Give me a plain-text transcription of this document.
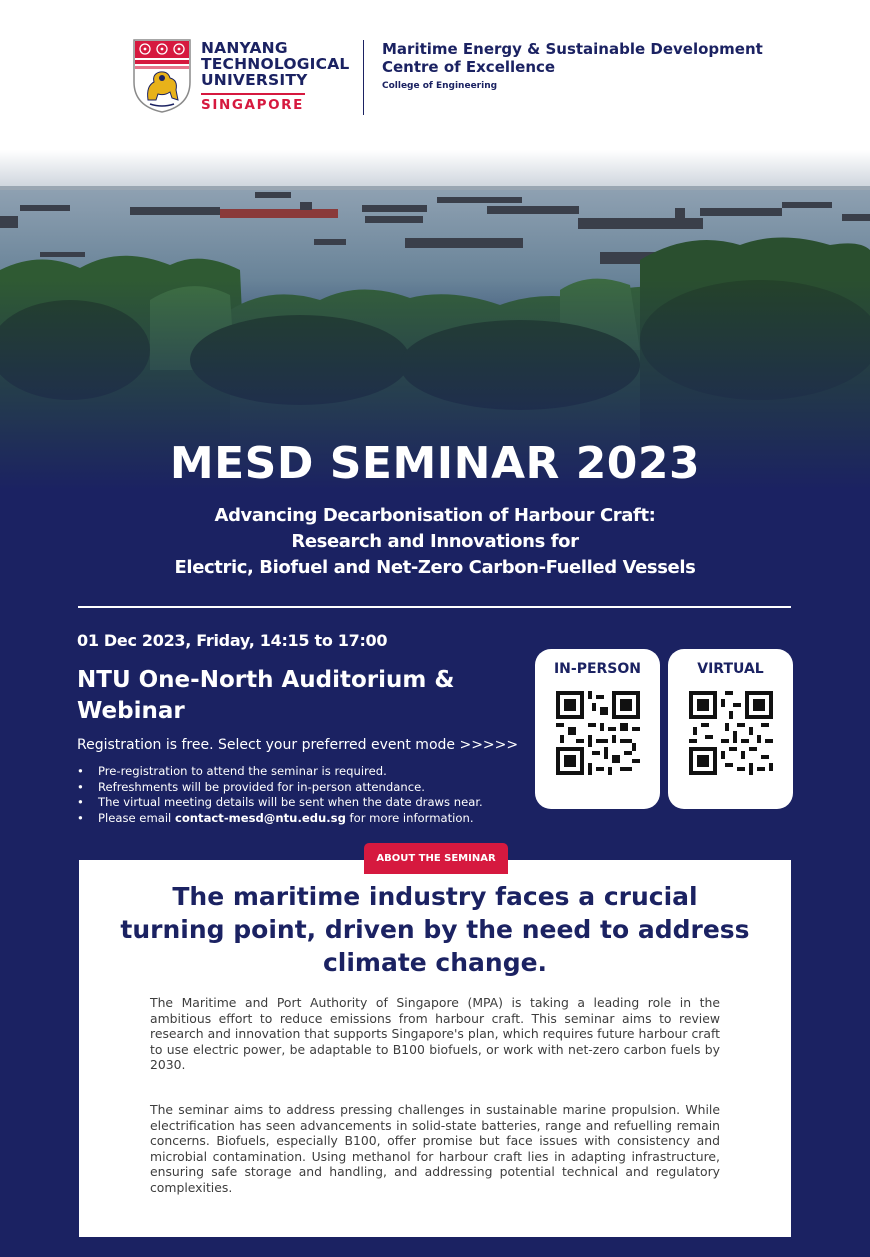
NANYANG
TECHNOLOGICAL
UNIVERSITY
SINGAPORE
Maritime Energy & Sustainable Development
Centre of Excellence
College of Engineering
MESD SEMINAR 2023
Advancing Decarbonisation of Harbour Craft:
Research and Innovations for
Electric, Biofuel and Net-Zero Carbon-Fuelled Vessels
01 Dec 2023, Friday, 14:15 to 17:00
NTU One-North Auditorium & Webinar
Registration is free. Select your preferred event mode >>>>>
• Pre-registration to attend the seminar is required.
• Refreshments will be provided for in-person attendance.
• The virtual meeting details will be sent when the date draws near.
• Please email contact-mesd@ntu.edu.sg for more information.
IN-PERSON	VIRTUAL
ABOUT THE SEMINAR
The maritime industry faces a crucial
turning point, driven by the need to address
climate change.

The Maritime and Port Authority of Singapore (MPA) is taking a leading role in the ambitious effort to reduce emissions from harbour craft. This seminar aims to review research and innovation that supports Singapore's plan, which requires future harbour craft to use electric power, be adaptable to B100 biofuels, or work with net-zero carbon fuels by 2030.

The seminar aims to address pressing challenges in sustainable marine propulsion. While electrification has seen advancements in solid-state batteries, range and refuelling remain concerns. Biofuels, especially B100, offer promise but face issues with consistency and microbial contamination. Using methanol for harbour craft lies in adapting infrastructure, ensuring safe storage and handling, and addressing potential technical and regulatory complexities.
